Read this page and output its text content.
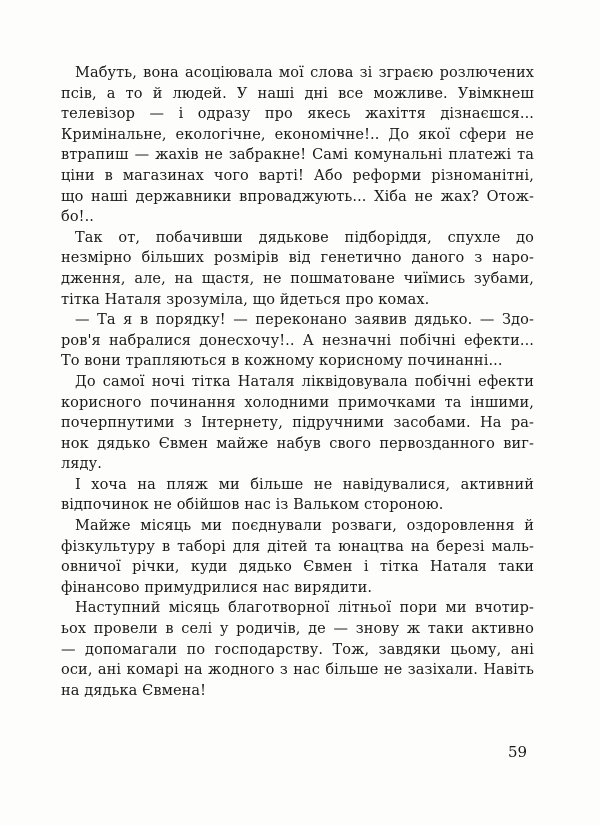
Мабуть, вона асоціювала мої слова зі зграєю розлючених
псів, а то й людей. У наші дні все можливе. Увімкнеш
телевізор — і одразу про якесь жахіття дізнаєшся...
Кримінальне, екологічне, економічне!.. До якої сфери не
втрапиш — жахів не забракне! Самі комунальні платежі та
ціни в магазинах чого варті! Або реформи різноманітні,
що наші державники впроваджують... Хіба не жах? Отож-
бо!..

Так от, побачивши дядькове підборіддя, спухле до
незмірно більших розмірів від генетично даного з наро-
дження, але, на щастя, не пошматоване чиїмись зубами,
тітка Наталя зрозуміла, що йдеться про комах.

— Та я в порядку! — переконано заявив дядько. — Здо-
ров'я набралися донесхочу!.. А незначні побічні ефекти...
То вони трапляються в кожному корисному починанні...

До самої ночі тітка Наталя ліквідовувала побічні ефекти
корисного починання холодними примочками та іншими,
почерпнутими з Інтернету, підручними засобами. На ра-
нок дядько Євмен майже набув свого первозданного виг-
ляду.

І хоча на пляж ми більше не навідувалися, активний
відпочинок не обійшов нас із Вальком стороною.

Майже місяць ми поєднували розваги, оздоровлення й
фізкультуру в таборі для дітей та юнацтва на березі маль-
овничої річки, куди дядько Євмен і тітка Наталя таки
фінансово примудрилися нас вирядити.

Наступний місяць благотворної літньої пори ми вчотир-
ьох провели в селі у родичів, де — знову ж таки активно
— допомагали по господарству. Тож, завдяки цьому, ані
оси, ані комарі на жодного з нас більше не зазіхали. Навіть
на дядька Євмена!

59
